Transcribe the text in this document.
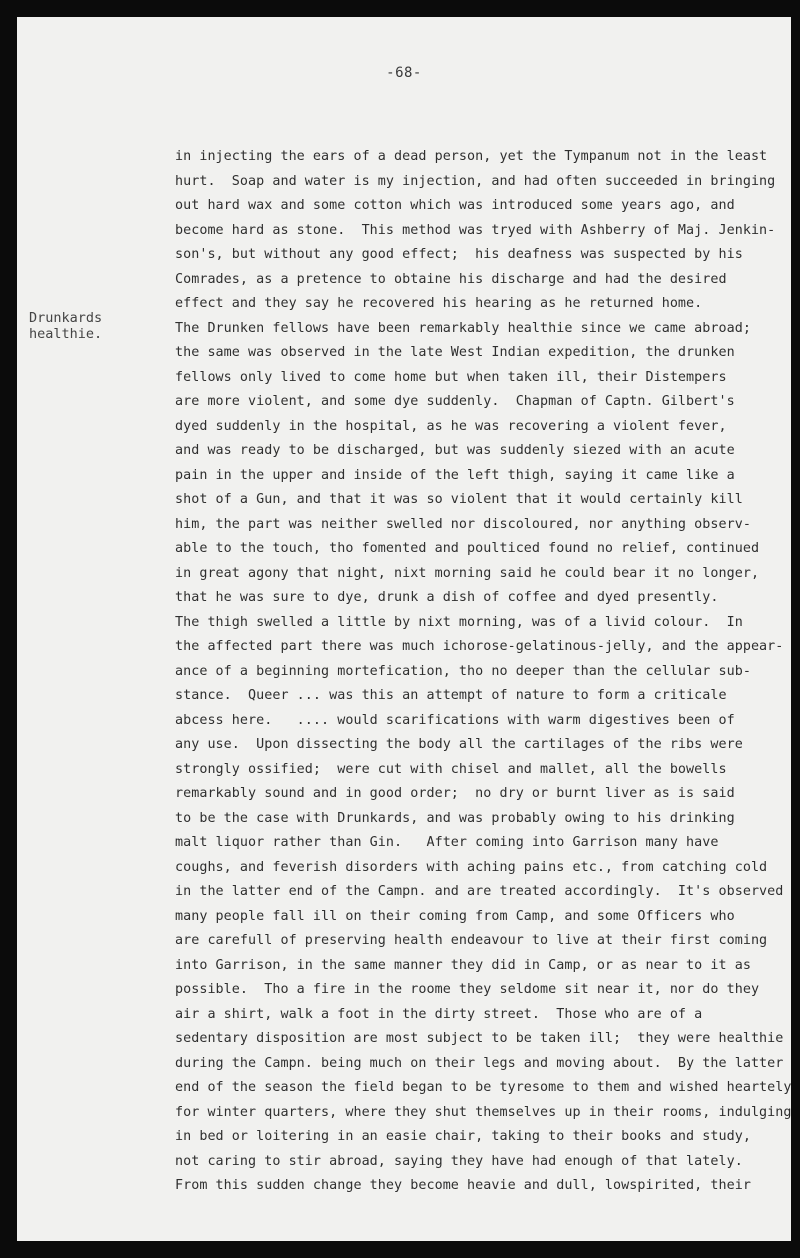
-68-
Drunkards
healthie.
in injecting the ears of a dead person, yet the Tympanum not in the least
hurt.  Soap and water is my injection, and had often succeeded in bringing
out hard wax and some cotton which was introduced some years ago, and
become hard as stone.  This method was tryed with Ashberry of Maj. Jenkin-
son's, but without any good effect;  his deafness was suspected by his
Comrades, as a pretence to obtaine his discharge and had the desired
effect and they say he recovered his hearing as he returned home.
The Drunken fellows have been remarkably healthie since we came abroad;
the same was observed in the late West Indian expedition, the drunken
fellows only lived to come home but when taken ill, their Distempers
are more violent, and some dye suddenly.  Chapman of Captn. Gilbert's
dyed suddenly in the hospital, as he was recovering a violent fever,
and was ready to be discharged, but was suddenly siezed with an acute
pain in the upper and inside of the left thigh, saying it came like a
shot of a Gun, and that it was so violent that it would certainly kill
him, the part was neither swelled nor discoloured, nor anything observ-
able to the touch, tho fomented and poulticed found no relief, continued
in great agony that night, nixt morning said he could bear it no longer,
that he was sure to dye, drunk a dish of coffee and dyed presently.
The thigh swelled a little by nixt morning, was of a livid colour.  In
the affected part there was much ichorose-gelatinous-jelly, and the appear-
ance of a beginning mortefication, tho no deeper than the cellular sub-
stance.  Queer ... was this an attempt of nature to form a criticale
abcess here.   .... would scarifications with warm digestives been of
any use.  Upon dissecting the body all the cartilages of the ribs were
strongly ossified;  were cut with chisel and mallet, all the bowells
remarkably sound and in good order;  no dry or burnt liver as is said
to be the case with Drunkards, and was probably owing to his drinking
malt liquor rather than Gin.   After coming into Garrison many have
coughs, and feverish disorders with aching pains etc., from catching cold
in the latter end of the Campn. and are treated accordingly.  It's observed
many people fall ill on their coming from Camp, and some Officers who
are carefull of preserving health endeavour to live at their first coming
into Garrison, in the same manner they did in Camp, or as near to it as
possible.  Tho a fire in the roome they seldome sit near it, nor do they
air a shirt, walk a foot in the dirty street.  Those who are of a
sedentary disposition are most subject to be taken ill;  they were healthie
during the Campn. being much on their legs and moving about.  By the latter
end of the season the field began to be tyresome to them and wished heartely
for winter quarters, where they shut themselves up in their rooms, indulging
in bed or loitering in an easie chair, taking to their books and study,
not caring to stir abroad, saying they have had enough of that lately.
From this sudden change they become heavie and dull, lowspirited, their
